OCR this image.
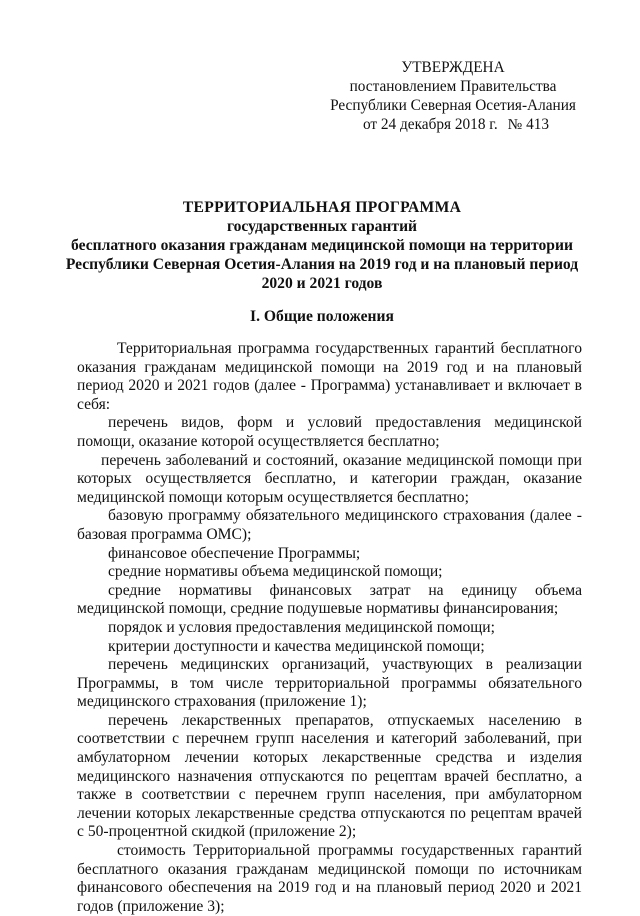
УТВЕРЖДЕНА
постановлением Правительства
Республики Северная Осетия-Алания
от 24 декабря 2018 г. № 413
ТЕРРИТОРИАЛЬНАЯ ПРОГРАММА
государственных гарантий
бесплатного оказания гражданам медицинской помощи на территории
Республики Северная Осетия-Алания на 2019 год и на плановый период
2020 и 2021 годов
I. Общие положения

Территориальная программа государственных гарантий бесплатного оказания гражданам медицинской помощи на 2019 год и на плановый период 2020 и 2021 годов (далее - Программа) устанавливает и включает в себя:

перечень видов, форм и условий предоставления медицинской помощи, оказание которой осуществляется бесплатно;

перечень заболеваний и состояний, оказание медицинской помощи при которых осуществляется бесплатно, и категории граждан, оказание медицинской помощи которым осуществляется бесплатно;

базовую программу обязательного медицинского страхования (далее - базовая программа ОМС);

финансовое обеспечение Программы;

средние нормативы объема медицинской помощи;

средние нормативы финансовых затрат на единицу объема медицинской помощи, средние подушевые нормативы финансирования;

порядок и условия предоставления медицинской помощи;

критерии доступности и качества медицинской помощи;

перечень медицинских организаций, участвующих в реализации Программы, в том числе территориальной программы обязательного медицинского страхования (приложение 1);

перечень лекарственных препаратов, отпускаемых населению в соответствии с перечнем групп населения и категорий заболеваний, при амбулаторном лечении которых лекарственные средства и изделия медицинского назначения отпускаются по рецептам врачей бесплатно, а также в соответствии с перечнем групп населения, при амбулаторном лечении которых лекарственные средства отпускаются по рецептам врачей с 50-процентной скидкой (приложение 2);

стоимость Территориальной программы государственных гарантий бесплатного оказания гражданам медицинской помощи по источникам финансового обеспечения на 2019 год и на плановый период 2020 и 2021 годов (приложение 3);
